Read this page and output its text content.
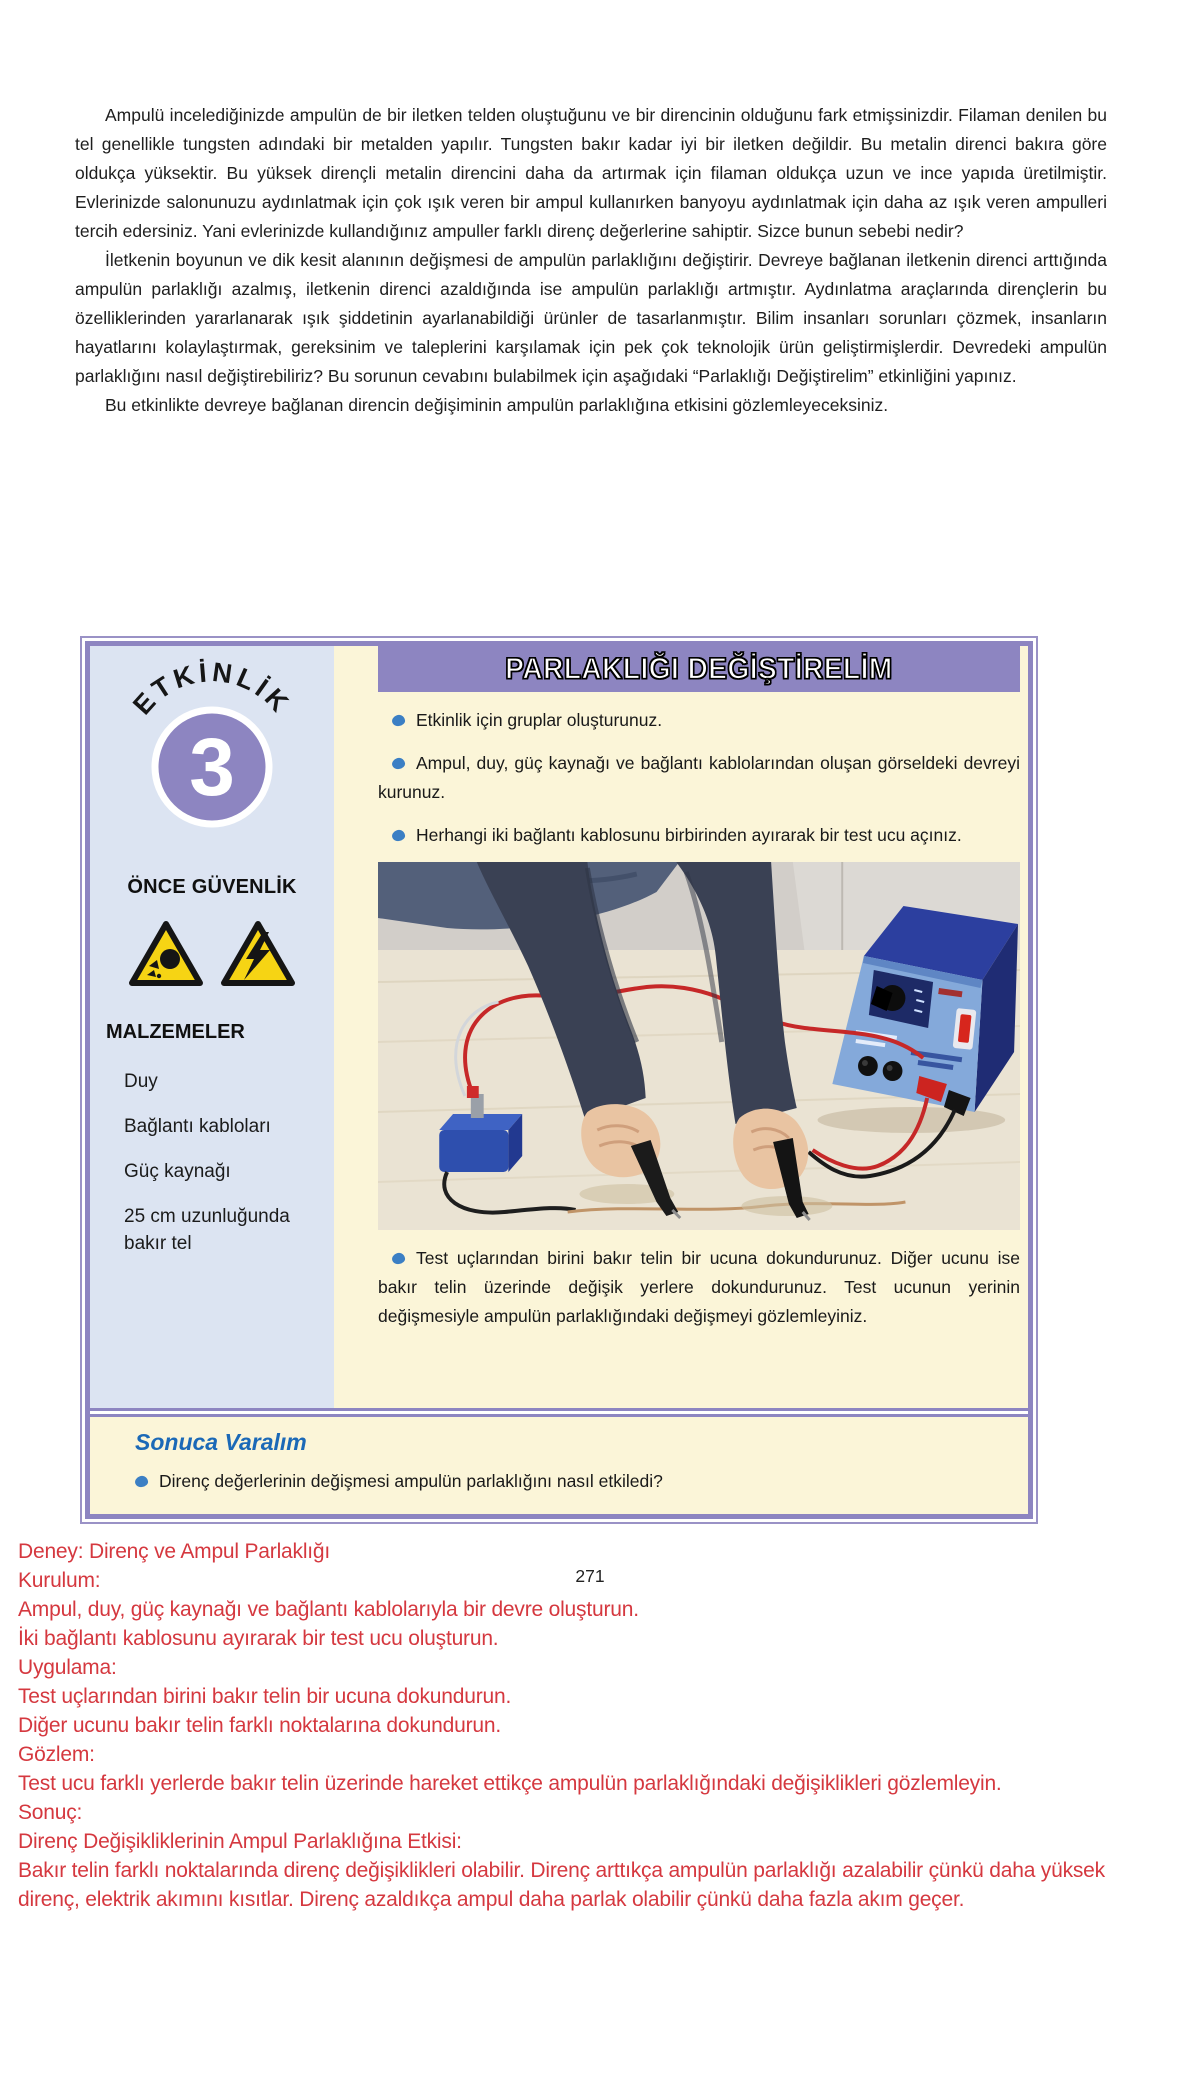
Ampulü incelediğinizde ampulün de bir iletken telden oluştuğunu ve bir direncinin olduğunu fark etmişsinizdir. Filaman denilen bu tel genellikle tungsten adındaki bir metalden yapılır. Tungsten bakır kadar iyi bir iletken değildir. Bu metalin direnci bakıra göre oldukça yüksektir. Bu yüksek dirençli metalin direncini daha da artırmak için filaman oldukça uzun ve ince yapıda üretilmiştir. Evlerinizde salonunuzu aydınlatmak için çok ışık veren bir ampul kullanırken banyoyu aydınlatmak için daha az ışık veren ampulleri tercih edersiniz. Yani evlerinizde kullandığınız ampuller farklı direnç değerlerine sahiptir. Sizce bunun sebebi nedir?

İletkenin boyunun ve dik kesit alanının değişmesi de ampulün parlaklığını değiştirir. Devreye bağlanan iletkenin direnci arttığında ampulün parlaklığı azalmış, iletkenin direnci azaldığında ise ampulün parlaklığı artmıştır. Aydınlatma araçlarında dirençlerin bu özelliklerinden yararlanarak ışık şiddetinin ayarlanabildiği ürünler de tasarlanmıştır. Bilim insanları sorunları çözmek, insanların hayatlarını kolaylaştırmak, gereksinim ve taleplerini karşılamak için pek çok teknolojik ürün geliştirmişlerdir. Devredeki ampulün parlaklığını nasıl değiştirebiliriz? Bu sorunun cevabını bulabilmek için aşağıdaki “Parlaklığı Değiştirelim” etkinliğini yapınız.

Bu etkinlikte devreye bağlanan direncin değişiminin ampulün parlaklığına etkisini gözlemleyeceksiniz.

ETKİNLİK
3
ÖNCE GÜVENLİK
MALZEMELER
Duy
Bağlantı kabloları
Güç kaynağı
25 cm uzunluğunda bakır tel
PARLAKLIĞI DEĞİŞTİRELİM

Etkinlik için gruplar oluşturunuz.

Ampul, duy, güç kaynağı ve bağlantı kablolarından oluşan görseldeki devreyi kurunuz.

Herhangi iki bağlantı kablosunu birbirinden ayırarak bir test ucu açınız.

Test uçlarından birini bakır telin bir ucuna dokundurunuz. Diğer ucunu ise bakır telin üzerinde değişik yerlere dokundurunuz. Test ucunun yerinin değişmesiyle ampulün parlaklığındaki değişmeyi gözlemleyiniz.

Sonuca Varalım

Direnç değerlerinin değişmesi ampulün parlaklığını nasıl etkiledi?

271
Deney: Direnç ve Ampul Parlaklığı
Kurulum:
Ampul, duy, güç kaynağı ve bağlantı kablolarıyla bir devre oluşturun.
İki bağlantı kablosunu ayırarak bir test ucu oluşturun.
Uygulama:
Test uçlarından birini bakır telin bir ucuna dokundurun.
Diğer ucunu bakır telin farklı noktalarına dokundurun.
Gözlem:
Test ucu farklı yerlerde bakır telin üzerinde hareket ettikçe ampulün parlaklığındaki değişiklikleri gözlemleyin.
Sonuç:
Direnç Değişikliklerinin Ampul Parlaklığına Etkisi:
Bakır telin farklı noktalarında direnç değişiklikleri olabilir. Direnç arttıkça ampulün parlaklığı azalabilir çünkü daha yüksek direnç, elektrik akımını kısıtlar. Direnç azaldıkça ampul daha parlak olabilir çünkü daha fazla akım geçer.
